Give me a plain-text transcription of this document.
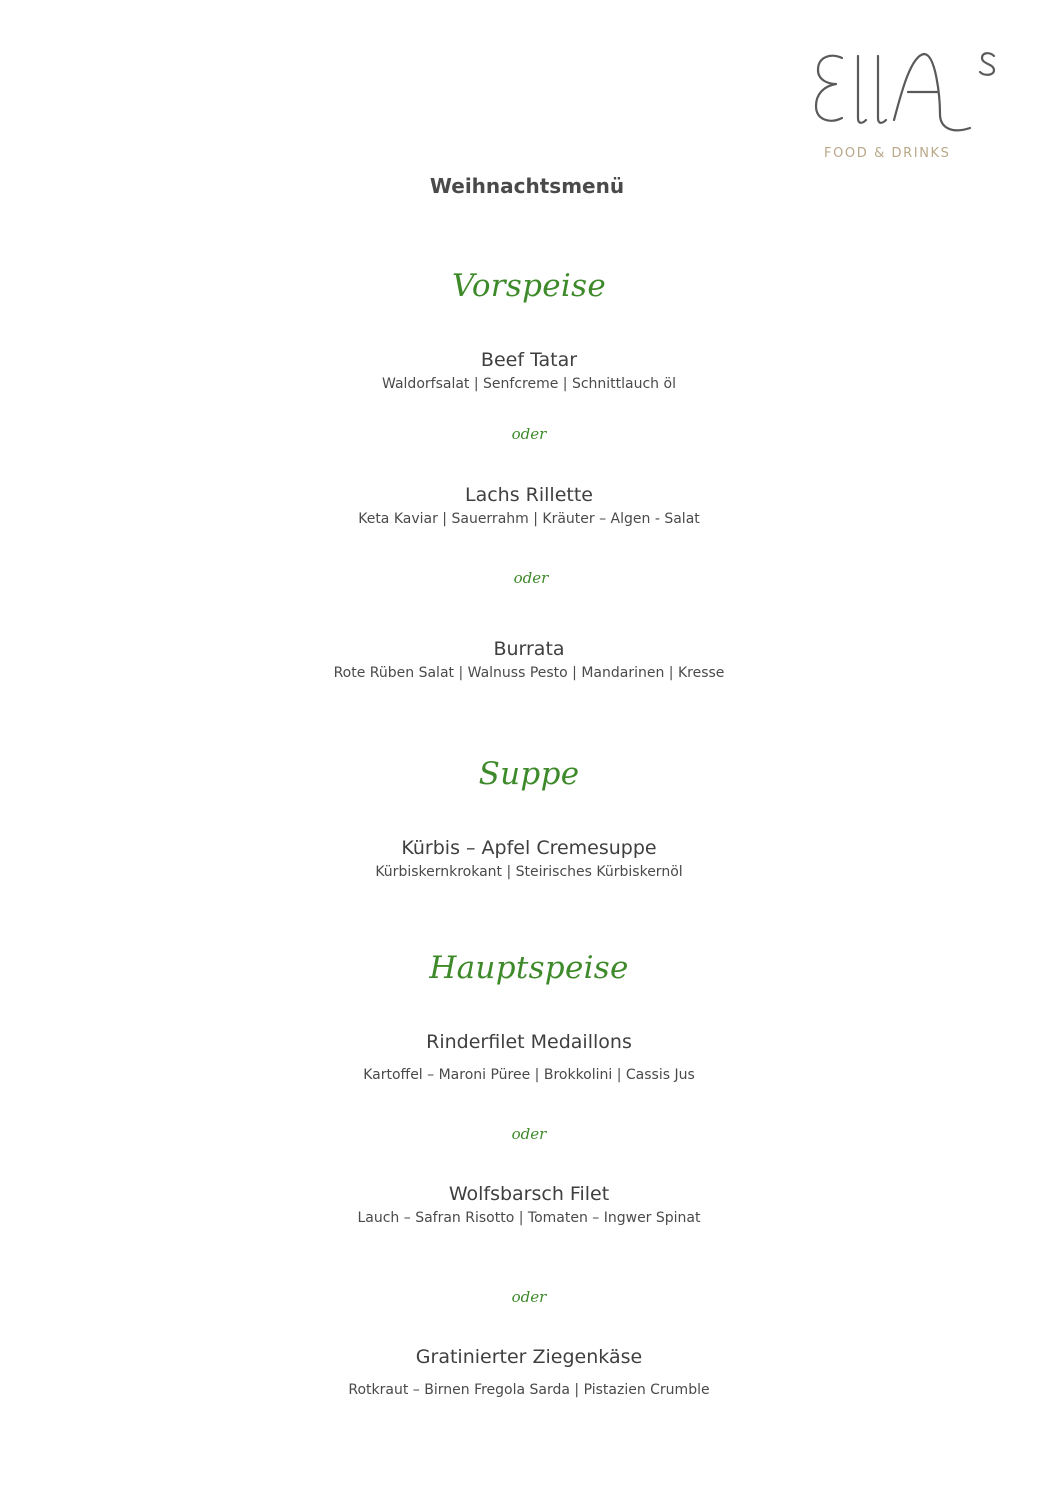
FOOD & DRINKS
Weihnachtsmenü
Vorspeise
Beef Tatar
Waldorfsalat | Senfcreme | Schnittlauch öl
oder
Lachs Rillette
Keta Kaviar | Sauerrahm | Kräuter – Algen - Salat
oder
Burrata
Rote Rüben Salat | Walnuss Pesto | Mandarinen | Kresse
Suppe
Kürbis – Apfel Cremesuppe
Kürbiskernkrokant | Steirisches Kürbiskernöl
Hauptspeise
Rinderfilet Medaillons
Kartoffel – Maroni Püree | Brokkolini | Cassis Jus
oder
Wolfsbarsch Filet
Lauch – Safran Risotto | Tomaten – Ingwer Spinat
oder
Gratinierter Ziegenkäse
Rotkraut – Birnen Fregola Sarda | Pistazien Crumble
